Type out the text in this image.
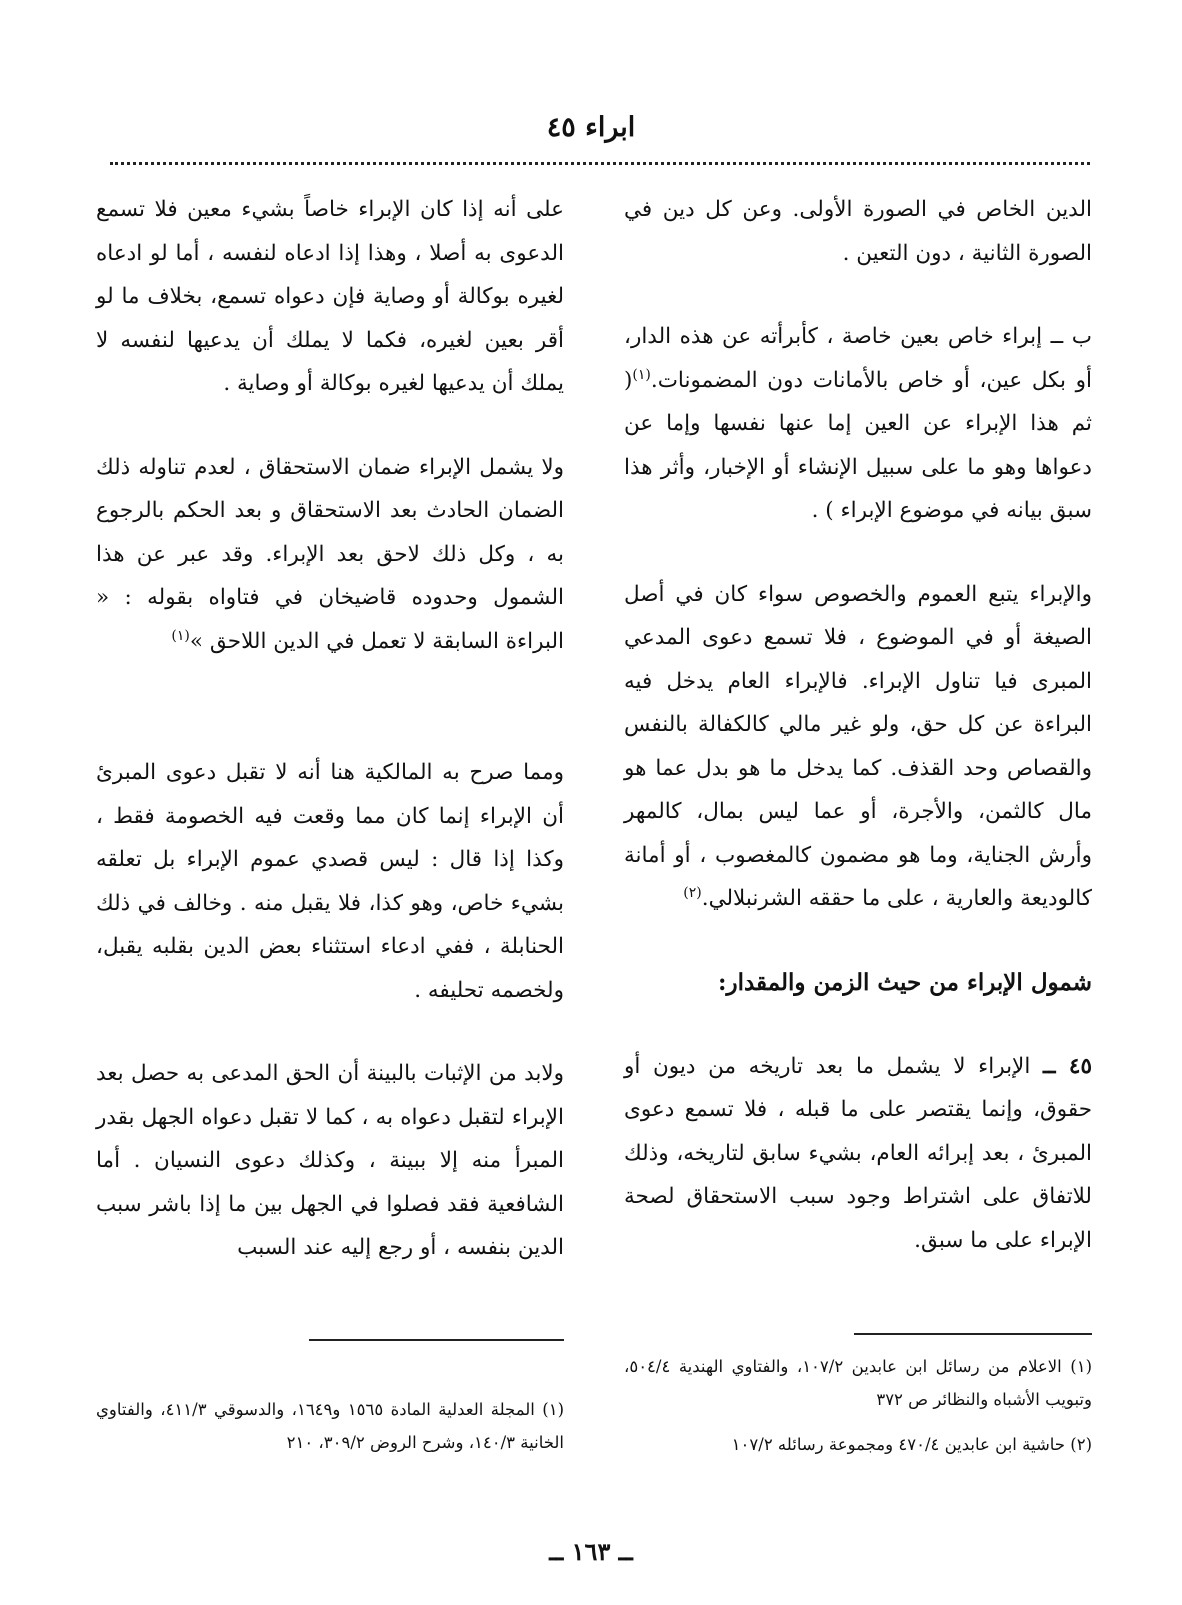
ابراء ٤٥

الدين الخاص في الصورة الأولى. وعن كل دين في الصورة الثانية ، دون التعين .

ب ــ إبراء خاص بعين خاصة ، كأبرأته عن هذه الدار، أو بكل عين، أو خاص بالأمانات دون المضمونات.$^{(١)}$( ثم هذا الإبراء عن العين إما عنها نفسها وإما عن دعواها وهو ما على سبيل الإنشاء أو الإخبار، وأثر هذا سبق بيانه في موضوع الإبراء ) .

والإبراء يتبع العموم والخصوص سواء كان في أصل الصيغة أو في الموضوع ، فلا تسمع دعوى المدعي المبرى فيا تناول الإبراء. فالإبراء العام يدخل فيه البراءة عن كل حق، ولو غير مالي كالكفالة بالنفس والقصاص وحد القذف. كما يدخل ما هو بدل عما هو مال كالثمن، والأجرة، أو عما ليس بمال، كالمهر وأرش الجناية، وما هو مضمون كالمغصوب ، أو أمانة كالوديعة والعارية ، على ما حققه الشرنبلالي.$^{(٢)}$

شمول الإبراء من حيث الزمن والمقدار:

٤٥ ــ الإبراء لا يشمل ما بعد تاريخه من ديون أو حقوق، وإنما يقتصر على ما قبله ، فلا تسمع دعوى المبرئ ، بعد إبرائه العام، بشيء سابق لتاريخه، وذلك للاتفاق على اشتراط وجود سبب الاستحقاق لصحة الإبراء على ما سبق.

على أنه إذا كان الإبراء خاصاً بشيء معين فلا تسمع الدعوى به أصلا ، وهذا إذا ادعاه لنفسه ، أما لو ادعاه لغيره بوكالة أو وصاية فإن دعواه تسمع، بخلاف ما لو أقر بعين لغيره، فكما لا يملك أن يدعيها لنفسه لا يملك أن يدعيها لغيره بوكالة أو وصاية .

ولا يشمل الإبراء ضمان الاستحقاق ، لعدم تناوله ذلك الضمان الحادث بعد الاستحقاق و بعد الحكم بالرجوع به ، وكل ذلك لاحق بعد الإبراء. وقد عبر عن هذا الشمول وحدوده قاضيخان في فتاواه بقوله : « البراءة السابقة لا تعمل في الدين اللاحق »$^{(١)}$

ومما صرح به المالكية هنا أنه لا تقبل دعوى المبرئ أن الإبراء إنما كان مما وقعت فيه الخصومة فقط ، وكذا إذا قال : ليس قصدي عموم الإبراء بل تعلقه بشيء خاص، وهو كذا، فلا يقبل منه . وخالف في ذلك الحنابلة ، ففي ادعاء استثناء بعض الدين بقلبه يقبل، ولخصمه تحليفه .

ولابد من الإثبات بالبينة أن الحق المدعى به حصل بعد الإبراء لتقبل دعواه به ، كما لا تقبل دعواه الجهل بقدر المبرأ منه إلا ببينة ، وكذلك دعوى النسيان . أما الشافعية فقد فصلوا في الجهل بين ما إذا باشر سبب الدين بنفسه ، أو رجع إليه عند السبب

(١) الاعلام من رسائل ابن عابدين ١٠٧/٢، والفتاوي الهندية ٥٠٤/٤، وتبويب الأشباه والنظائر ص ٣٧٢

(٢) حاشية ابن عابدين ٤٧٠/٤ ومجموعة رسائله ١٠٧/٢

(١) المجلة العدلية المادة ١٥٦٥ و١٦٤٩، والدسوقي ٤١١/٣، والفتاوي الخانية ١٤٠/٣، وشرح الروض ٣٠٩/٢، ٢١٠

ــ ١٦٣ ــ
